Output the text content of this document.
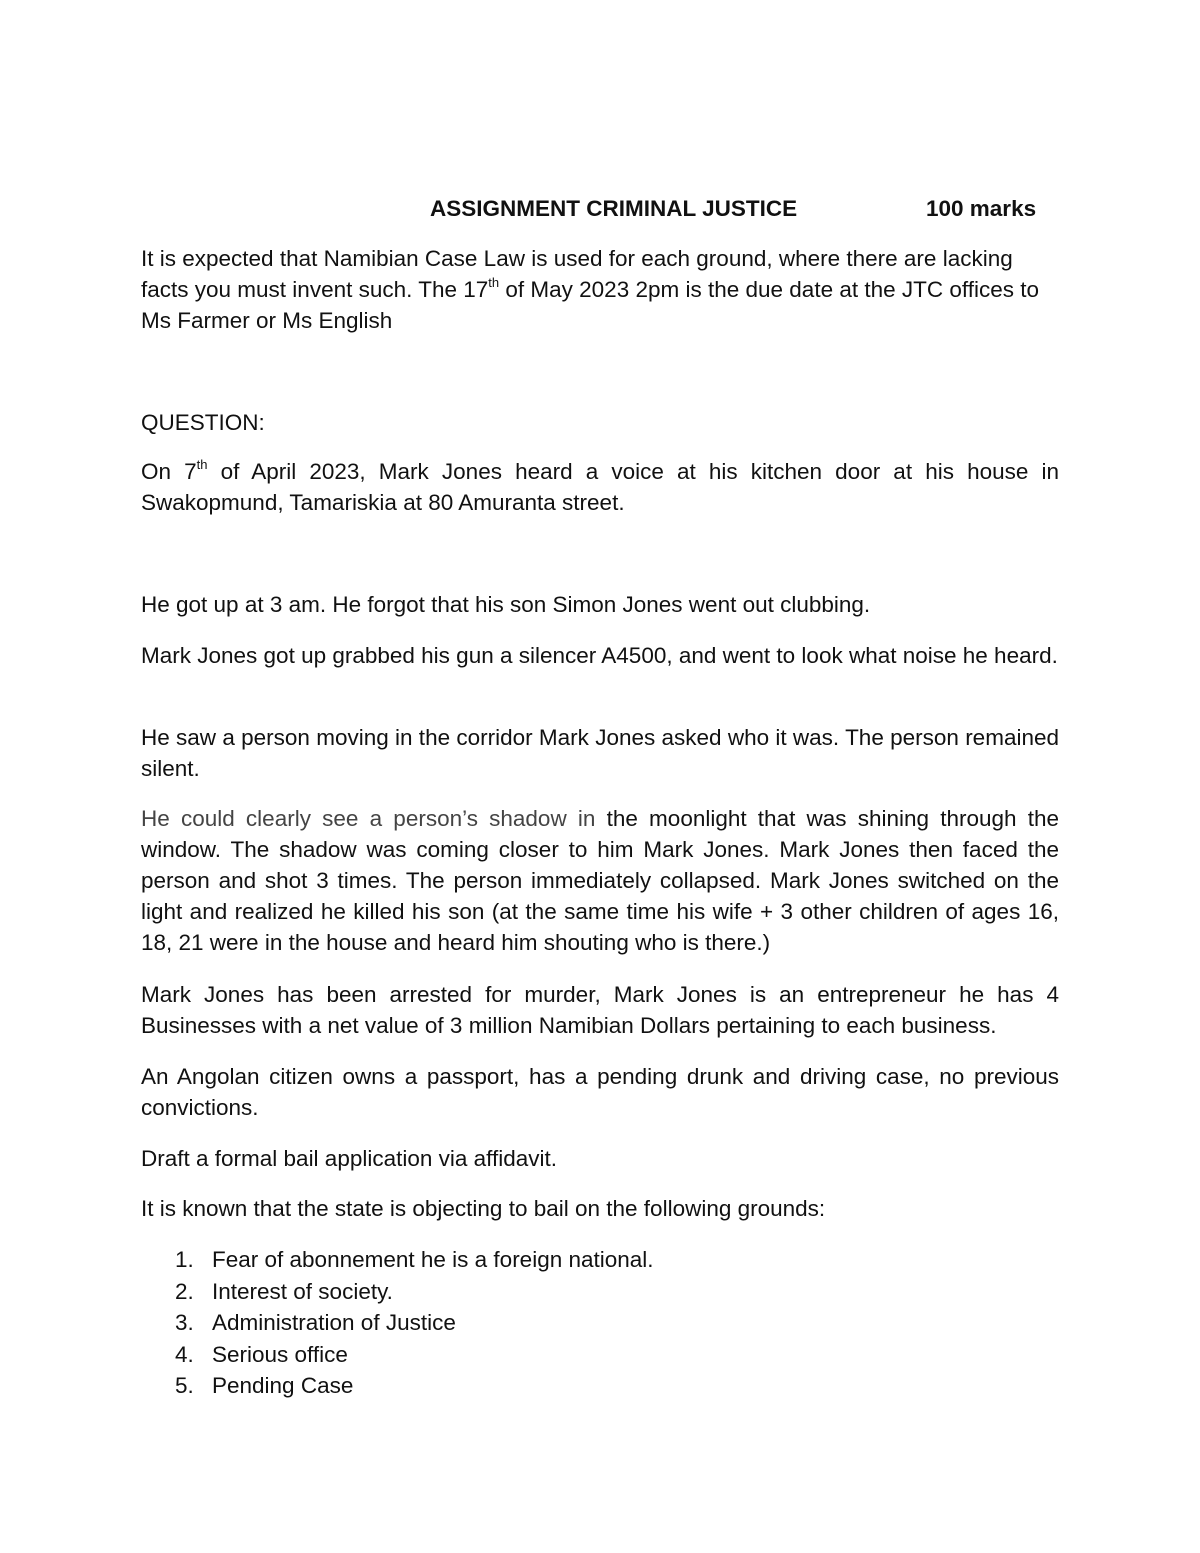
ASSIGNMENT CRIMINAL JUSTICE	100 marks

It is expected that Namibian Case Law is used for each ground, where there are lacking facts you must invent such. The 17th of May 2023 2pm is the due date at the JTC offices to Ms Farmer or Ms English

QUESTION:

On 7th of April 2023, Mark Jones heard a voice at his kitchen door at his house in Swakopmund, Tamariskia at 80 Amuranta street.

He got up at 3 am. He forgot that his son Simon Jones went out clubbing.

Mark Jones got up grabbed his gun a silencer A4500, and went to look what noise he heard.

He saw a person moving in the corridor Mark Jones asked who it was. The person remained silent.

He could clearly see a person’s shadow in the moonlight that was shining through the window. The shadow was coming closer to him Mark Jones. Mark Jones then faced the person and shot 3 times. The person immediately collapsed. Mark Jones switched on the light and realized he killed his son (at the same time his wife + 3 other children of ages 16, 18, 21 were in the house and heard him shouting who is there.)

Mark Jones has been arrested for murder, Mark Jones is an entrepreneur he has 4 Businesses with a net value of 3 million Namibian Dollars pertaining to each business.

An Angolan citizen owns a passport, has a pending drunk and driving case, no previous convictions.

Draft a formal bail application via affidavit.

It is known that the state is objecting to bail on the following grounds:

1. Fear of abonnement he is a foreign national.
2. Interest of society.
3. Administration of Justice
4. Serious office
5. Pending Case
